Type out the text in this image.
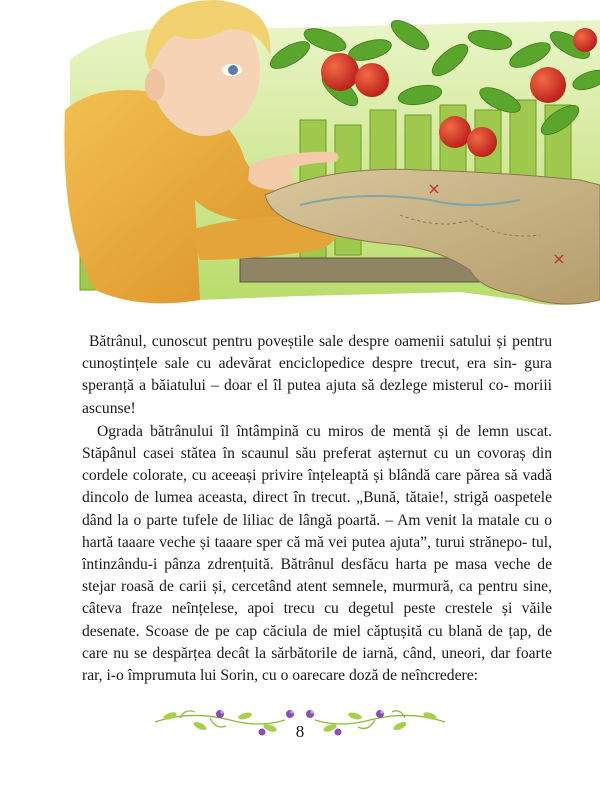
Bătrânul, cunoscut pentru poveștile sale despre oamenii satului și pentru cunoștințele sale cu adevărat enciclopedice despre trecut, era sin- gura speranță a băiatului – doar el îl putea ajuta să dezlege misterul co- moriii ascunse!

Ograda bătrânului îl întâmpină cu miros de mentă și de lemn uscat. Stăpânul casei stătea în scaunul său preferat așternut cu un covoraș din cordele colorate, cu aceeași privire înțeleaptă și blândă care părea să vadă dincolo de lumea aceasta, direct în trecut. „Bună, tătaie!, strigă oaspetele dând la o parte tufele de liliac de lângă poartă. – Am venit la matale cu o hartă taaare veche și taaare sper că mă vei putea ajuta”, turui strănepo- tul, întinzându-i pânza zdrențuită. Bătrânul desfăcu harta pe masa veche de stejar roasă de carii și, cercetând atent semnele, murmură, ca pentru sine, câteva fraze neînțelese, apoi trecu cu degetul peste crestele și văile desenate. Scoase de pe cap căciula de miel căptușită cu blană de țap, de care nu se despărțea decât la sărbătorile de iarnă, când, uneori, dar foarte rar, i-o împrumuta lui Sorin, cu o oarecare doză de neîncredere:

8
